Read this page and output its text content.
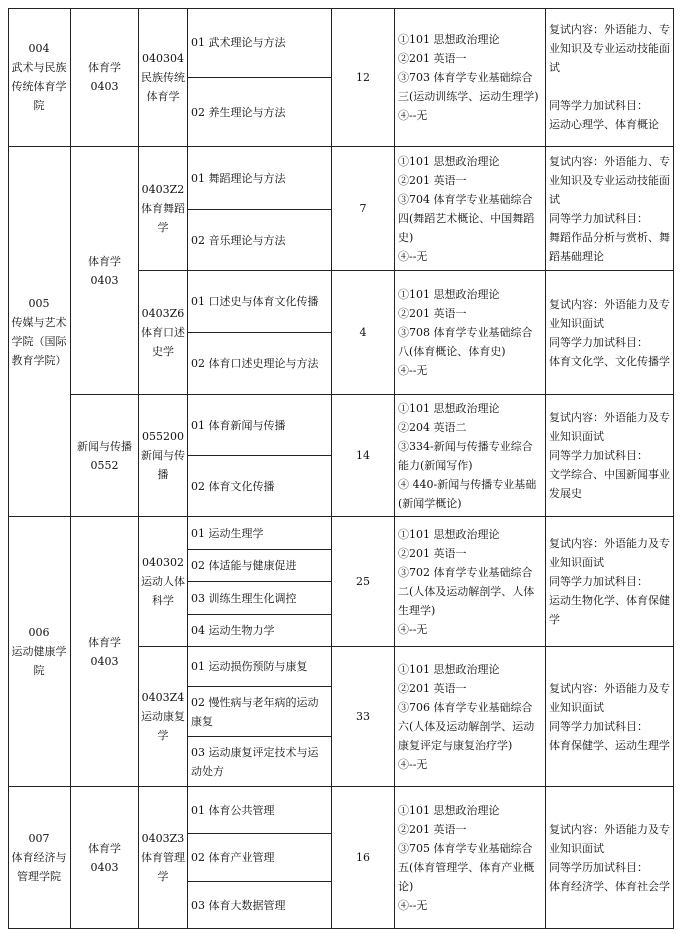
004
武术与民族传统体育学院
体育学
0403
040304
民族传统体育学
01 武术理论与方法
02 养生理论与方法
12
①101 思想政治理论
②201 英语一
③703 体育学专业基础综合三(运动训练学、运动生理学)
④--无
复试内容：外语能力、专业知识及专业运动技能面试

同等学力加试科目：
运动心理学、体育概论
005
传媒与艺术学院（国际教育学院）
体育学
0403
0403Z2
体育舞蹈学
01 舞蹈理论与方法
02 音乐理论与方法
7
①101 思想政治理论
②201 英语一
③704 体育学专业基础综合四(舞蹈艺术概论、中国舞蹈史)
④--无
复试内容：外语能力、专业知识及专业运动技能面试
同等学力加试科目：
舞蹈作品分析与赏析、舞蹈基础理论
0403Z6
体育口述史学
01 口述史与体育文化传播
02 体育口述史理论与方法
4
①101 思想政治理论
②201 英语一
③708 体育学专业基础综合八(体育概论、体育史)
④--无
复试内容：外语能力及专业知识面试
同等学力加试科目：
体育文化学、文化传播学
新闻与传播
0552
055200
新闻与传播
01 体育新闻与传播
02 体育文化传播
14
①101 思想政治理论
②204 英语二
③334-新闻与传播专业综合能力(新闻写作)
④ 440-新闻与传播专业基础(新闻学概论)
复试内容：外语能力及专业知识面试
同等学力加试科目：
文学综合、中国新闻事业发展史
006
运动健康学院
体育学
0403
040302
运动人体科学
01 运动生理学
02 体适能与健康促进
03 训练生理生化调控
04 运动生物力学
25
①101 思想政治理论
②201 英语一
③702 体育学专业基础综合二(人体及运动解剖学、人体生理学)
④--无
复试内容：外语能力及专业知识面试
同等学力加试科目：
运动生物化学、体育保健学
0403Z4
运动康复学
01 运动损伤预防与康复
02 慢性病与老年病的运动康复
03 运动康复评定技术与运动处方
33
①101 思想政治理论
②201 英语一
③706 体育学专业基础综合六(人体及运动解剖学、运动康复评定与康复治疗学)
④--无
复试内容：外语能力及专业知识面试
同等学力加试科目：
体育保健学、运动生理学
007
体育经济与管理学院
体育学
0403
0403Z3
体育管理学
01 体育公共管理
02 体育产业管理
03 体育大数据管理
16
①101 思想政治理论
②201 英语一
③705 体育学专业基础综合五(体育管理学、体育产业概论)
④--无
复试内容：外语能力及专业知识面试
同等学历加试科目：
体育经济学、体育社会学
